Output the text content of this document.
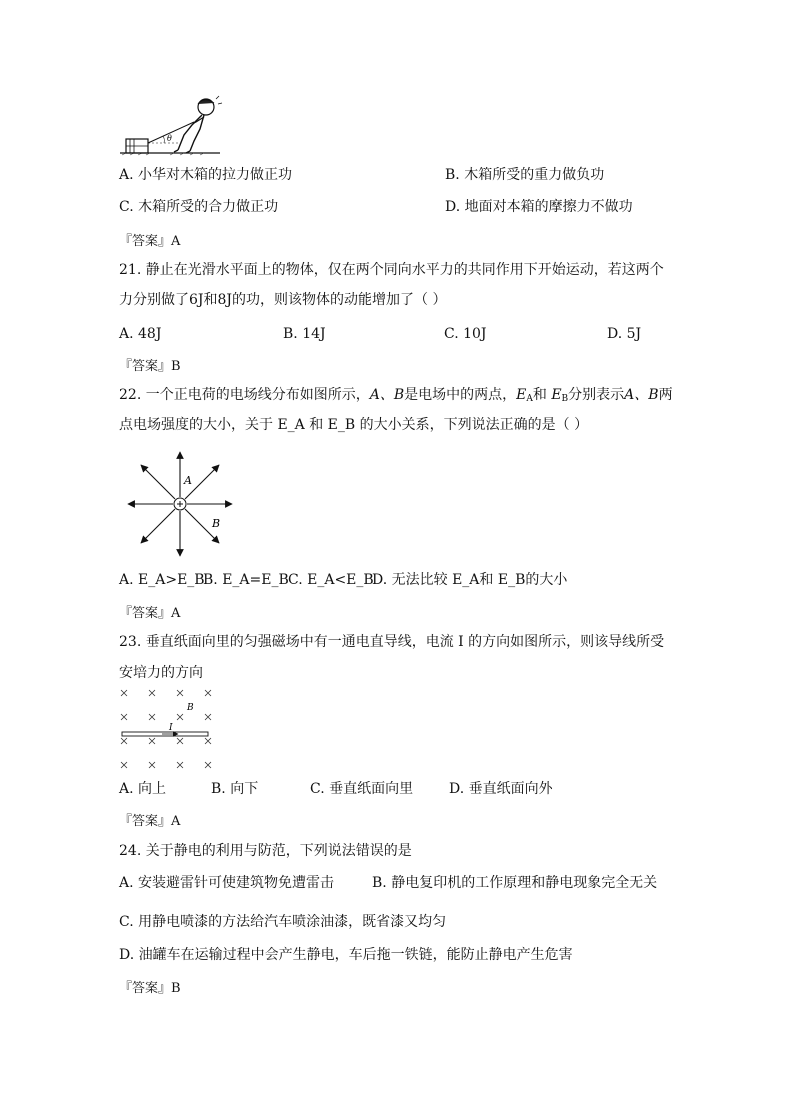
θ
A. 小华对木箱的拉力做正功	B. 木箱所受的重力做负功
C. 木箱所受的合力做正功	D. 地面对本箱的摩擦力不做功
『答案』A
21. 静止在光滑水平面上的物体，仅在两个同向水平力的共同作用下开始运动，若这两个
力分别做了6J和8J的功，则该物体的动能增加了（ ）
A. 48J	B. 14J	C. 10J	D. 5J
『答案』B
22. 一个正电荷的电场线分布如图所示，A、B是电场中的两点，$E_A$和 $E_B$分别表示A、B两
点电场强度的大小，关于 E_A 和 E_B 的大小关系，下列说法正确的是（ ）
A
B
A. E_A>E_B
B. E_A=E_B C. E_A<E_B
D. 无法比较 E_A和 E_B的大小
『答案』A
23. 垂直纸面向里的匀强磁场中有一通电直导线，电流 I 的方向如图所示，则该导线所受
安培力的方向
B
I
A. 向上	B. 向下	C. 垂直纸面向里	D. 垂直纸面向外
『答案』A
24. 关于静电的利用与防范，下列说法错误的是
A. 安装避雷针可使建筑物免遭雷击	B. 静电复印机的工作原理和静电现象完全无关
C. 用静电喷漆的方法给汽车喷涂油漆，既省漆又均匀
D. 油罐车在运输过程中会产生静电，车后拖一铁链，能防止静电产生危害
『答案』B
